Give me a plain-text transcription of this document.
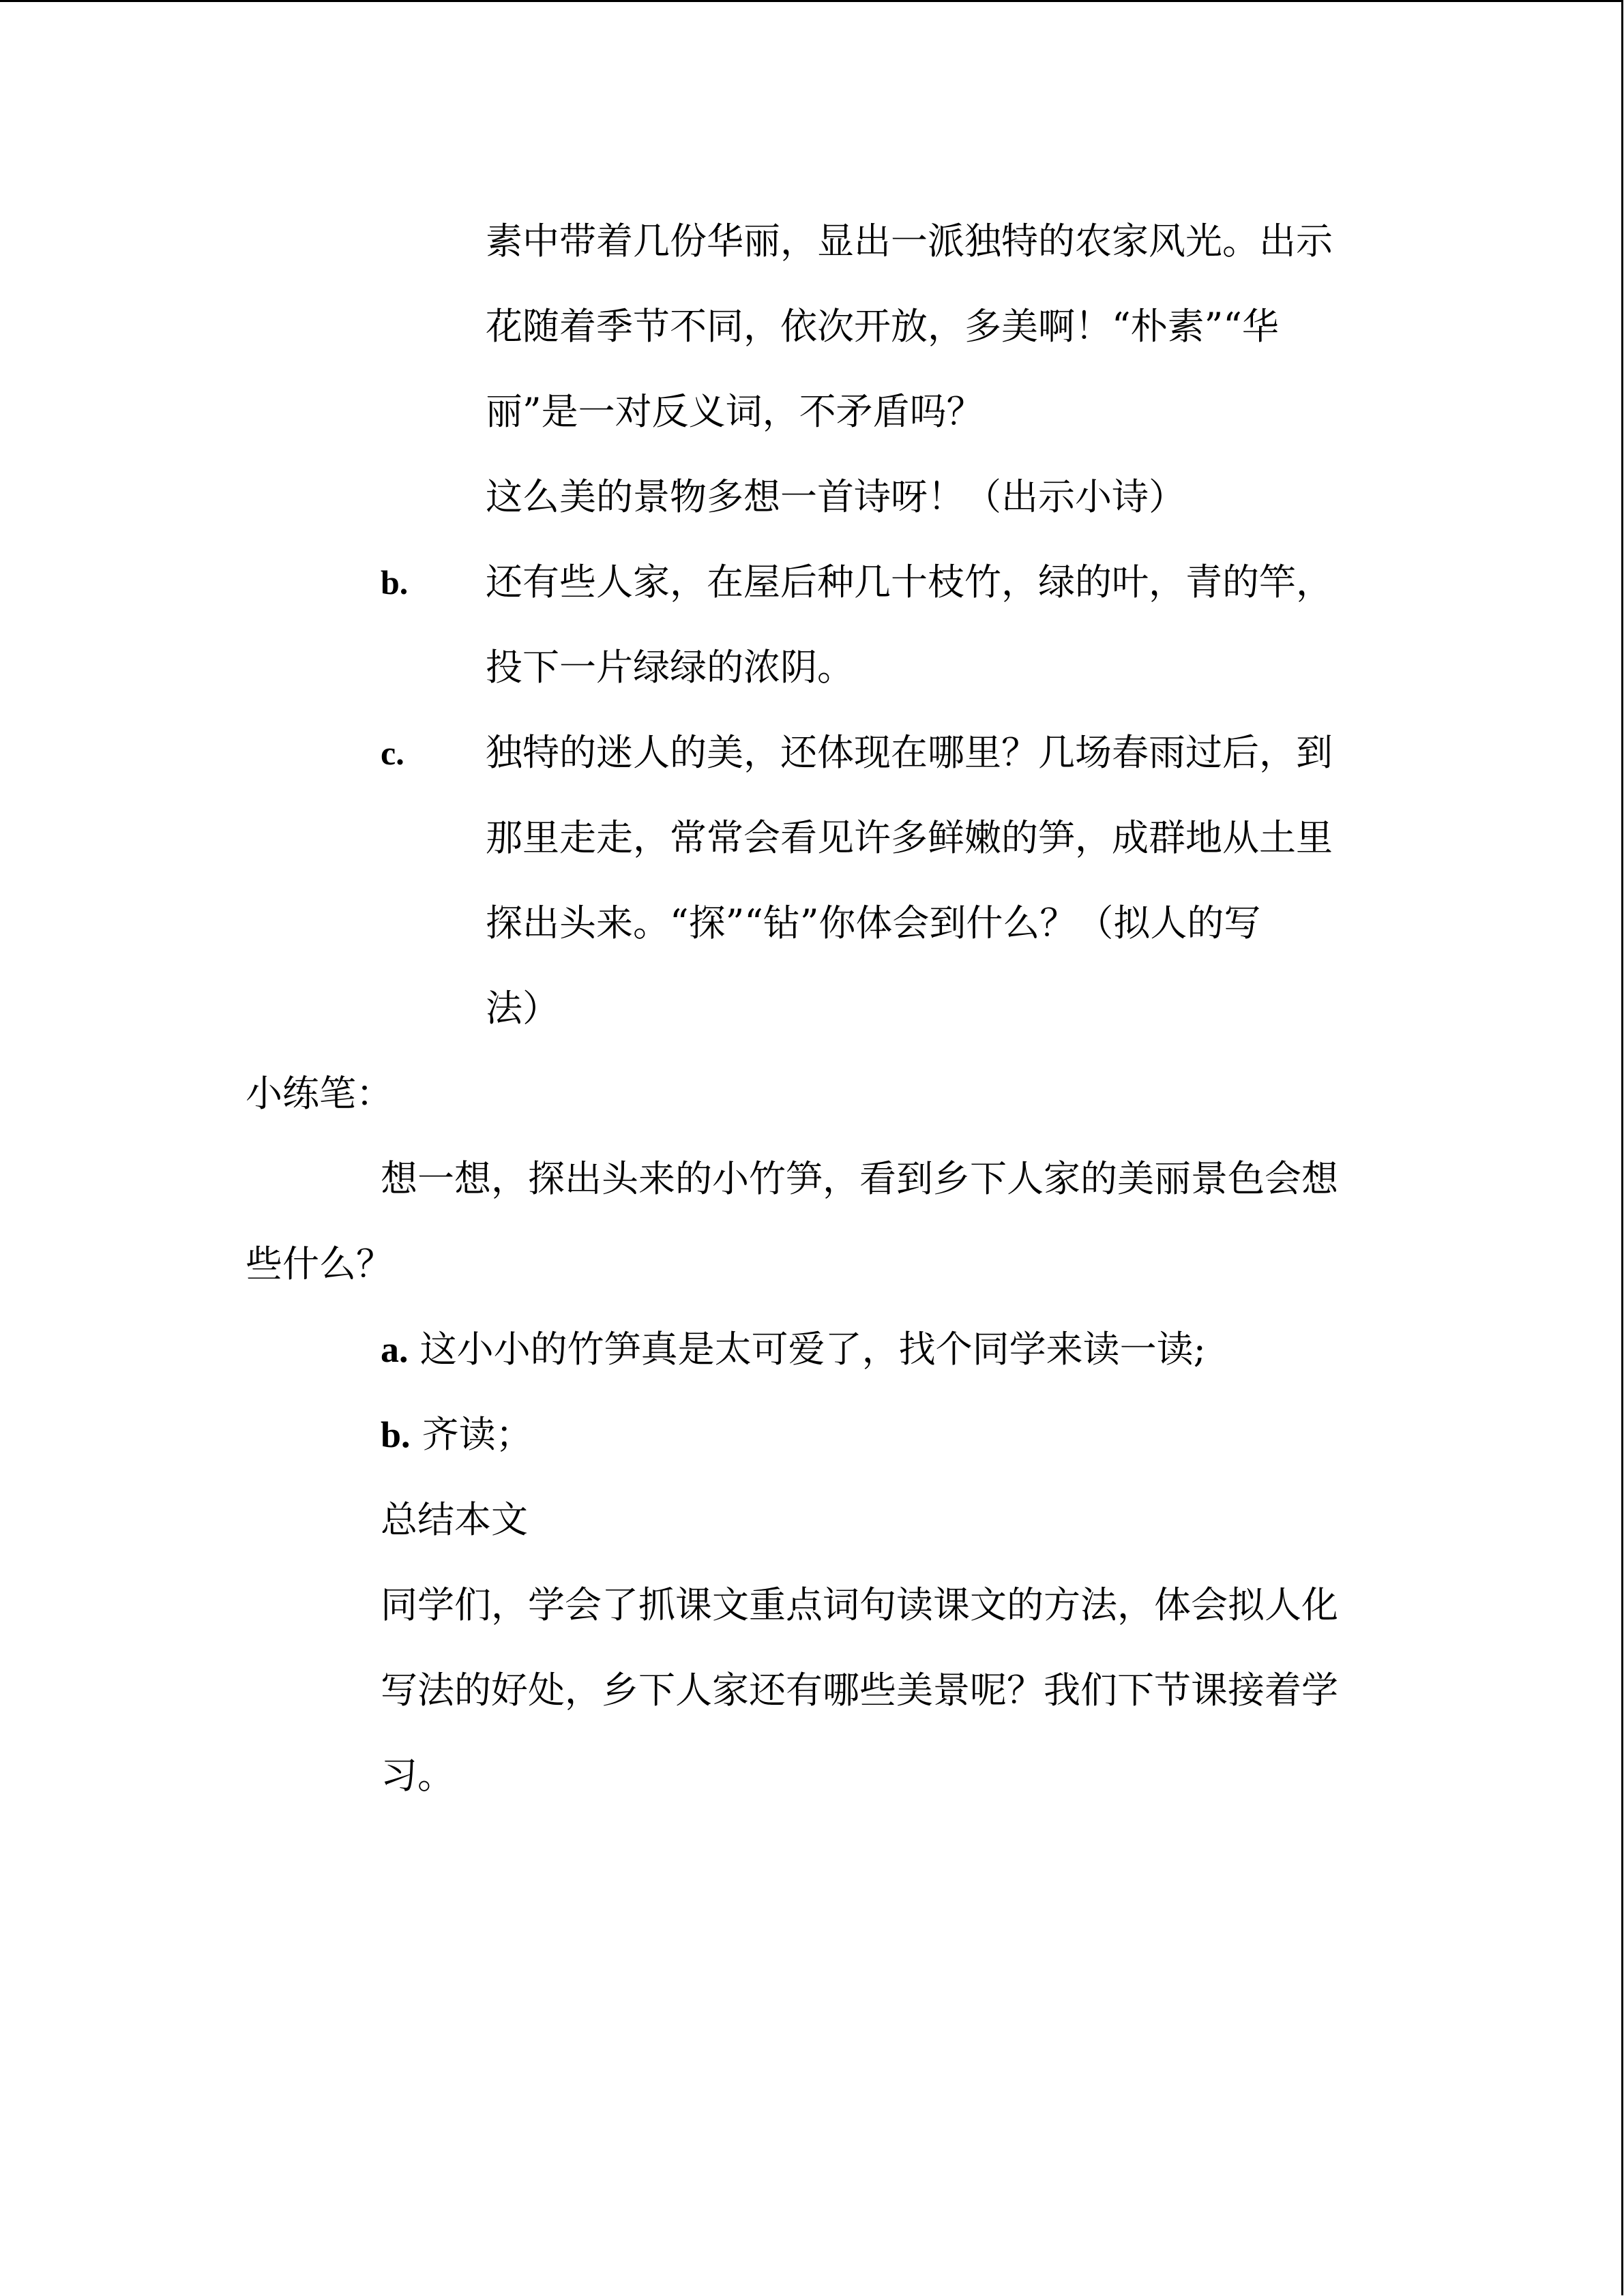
素中带着几份华丽，显出一派独特的农家风光。出示
花随着季节不同，依次开放，多美啊！“朴素”“华
丽”是一对反义词，不矛盾吗？
这么美的景物多想一首诗呀！（出示小诗）
b. 还有些人家，在屋后种几十枝竹，绿的叶，青的竿，
投下一片绿绿的浓阴。
c. 独特的迷人的美，还体现在哪里？几场春雨过后，到
那里走走，常常会看见许多鲜嫩的笋，成群地从土里
探出头来。“探”“钻”你体会到什么？（拟人的写
法）
小练笔：
想一想，探出头来的小竹笋，看到乡下人家的美丽景色会想
些什么？
a. 这小小的竹笋真是太可爱了，找个同学来读一读;
b. 齐读；
总结本文
同学们，学会了抓课文重点词句读课文的方法，体会拟人化
写法的好处，乡下人家还有哪些美景呢？我们下节课接着学
习。
